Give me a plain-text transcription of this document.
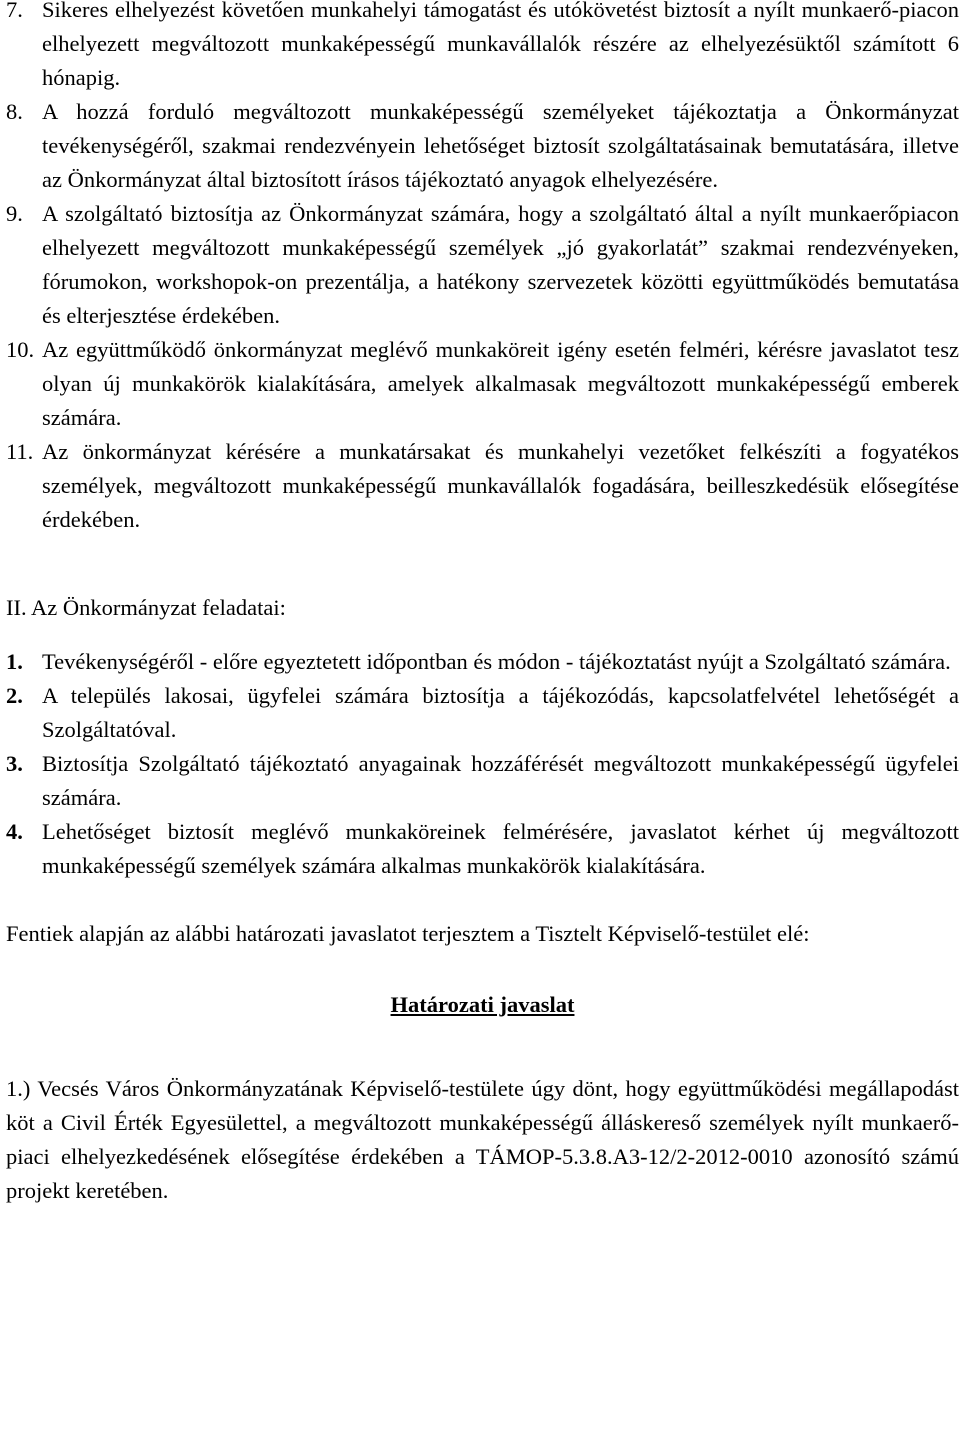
7. Sikeres elhelyezést követően munkahelyi támogatást és utókövetést biztosít a nyílt munkaerő-piacon elhelyezett megváltozott munkaképességű munkavállalók részére az elhelyezésüktől számított 6 hónapig.
8. A hozzá forduló megváltozott munkaképességű személyeket tájékoztatja a Önkormányzat tevékenységéről, szakmai rendezvényein lehetőséget biztosít szolgáltatásainak bemutatására, illetve az Önkormányzat által biztosított írásos tájékoztató anyagok elhelyezésére.
9. A szolgáltató biztosítja az Önkormányzat számára, hogy a szolgáltató által a nyílt munkaerőpiacon elhelyezett megváltozott munkaképességű személyek „jó gyakorlatát” szakmai rendezvényeken, fórumokon, workshopok-on prezentálja, a hatékony szervezetek közötti együttműködés bemutatása és elterjesztése érdekében.
10. Az együttműködő önkormányzat meglévő munkaköreit igény esetén felméri, kérésre javaslatot tesz olyan új munkakörök kialakítására, amelyek alkalmasak megváltozott munkaképességű emberek számára.
11. Az önkormányzat kérésére a munkatársakat és munkahelyi vezetőket felkészíti a fogyatékos személyek, megváltozott munkaképességű munkavállalók fogadására, beilleszkedésük elősegítése érdekében.
II. Az Önkormányzat feladatai:
1. Tevékenységéről - előre egyeztetett időpontban és módon - tájékoztatást nyújt a Szolgáltató számára.
2. A település lakosai, ügyfelei számára biztosítja a tájékozódás, kapcsolatfelvétel lehetőségét a Szolgáltatóval.
3. Biztosítja Szolgáltató tájékoztató anyagainak hozzáférését megváltozott munkaképességű ügyfelei számára.
4. Lehetőséget biztosít meglévő munkaköreinek felmérésére, javaslatot kérhet új megváltozott munkaképességű személyek számára alkalmas munkakörök kialakítására.
Fentiek alapján az alábbi határozati javaslatot terjesztem a Tisztelt Képviselő-testület elé:
Határozati javaslat
1.) Vecsés Város Önkormányzatának Képviselő-testülete úgy dönt, hogy együttműködési megállapodást köt a Civil Érték Egyesülettel, a megváltozott munkaképességű álláskereső személyek nyílt munkaerő-piaci elhelyezkedésének elősegítése érdekében a TÁMOP-5.3.8.A3-12/2-2012-0010 azonosító számú projekt keretében.
